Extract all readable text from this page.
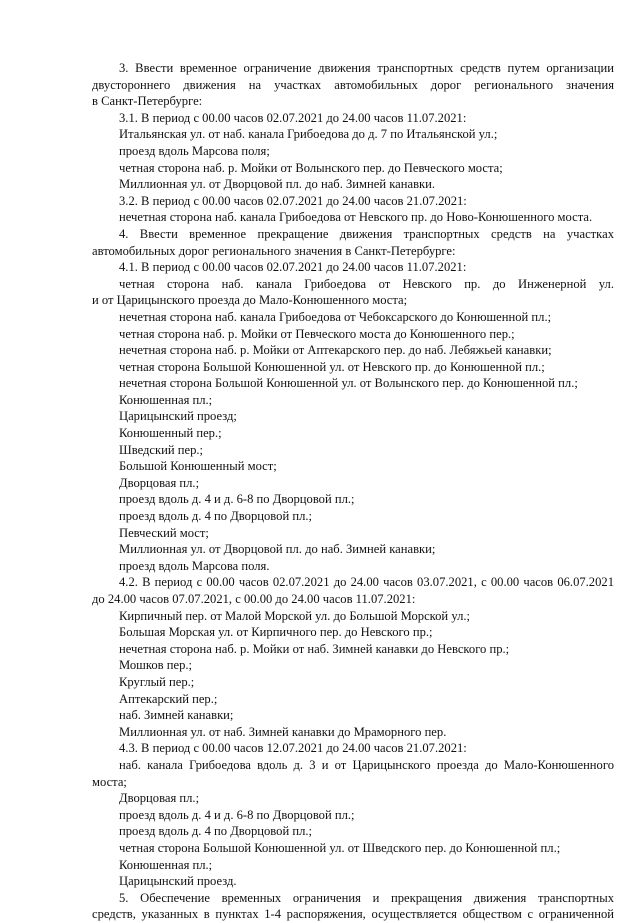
3. Ввести временное ограничение движения транспортных средств путем организации

двустороннего движения на участках автомобильных дорог регионального значения

в Санкт-Петербурге:

3.1. В период с 00.00 часов 02.07.2021 до 24.00 часов 11.07.2021:

Итальянская ул. от наб. канала Грибоедова до д. 7 по Итальянской ул.;

проезд вдоль Марсова поля;

четная сторона наб. р. Мойки от Волынского пер. до Певческого моста;

Миллионная ул. от Дворцовой пл. до наб. Зимней канавки.

3.2. В период с 00.00 часов 02.07.2021 до 24.00 часов 21.07.2021:

нечетная сторона наб. канала Грибоедова от Невского пр. до Ново-Конюшенного моста.

4. Ввести временное прекращение движения транспортных средств на участках

автомобильных дорог регионального значения в Санкт-Петербурге:

4.1. В период с 00.00 часов 02.07.2021 до 24.00 часов 11.07.2021:

четная сторона наб. канала Грибоедова от Невского пр. до Инженерной ул.

и от Царицынского проезда до Мало-Конюшенного моста;

нечетная сторона наб. канала Грибоедова от Чебоксарского до Конюшенной пл.;

четная сторона наб. р. Мойки от Певческого моста до Конюшенного пер.;

нечетная сторона наб. р. Мойки от Аптекарского пер. до наб. Лебяжьей канавки;

четная сторона Большой Конюшенной ул. от Невского пр. до Конюшенной пл.;

нечетная сторона Большой Конюшенной ул. от Волынского пер. до Конюшенной пл.;

Конюшенная пл.;

Царицынский проезд;

Конюшенный пер.;

Шведский пер.;

Большой Конюшенный мост;

Дворцовая пл.;

проезд вдоль д. 4 и д. 6-8 по Дворцовой пл.;

проезд вдоль д. 4 по Дворцовой пл.;

Певческий мост;

Миллионная ул. от Дворцовой пл. до наб. Зимней канавки;

проезд вдоль Марсова поля.

4.2. В период с 00.00 часов 02.07.2021 до 24.00 часов 03.07.2021, с 00.00 часов 06.07.2021

до 24.00 часов 07.07.2021, с 00.00 до 24.00 часов 11.07.2021:

Кирпичный пер. от Малой Морской ул. до Большой Морской ул.;

Большая Морская ул. от Кирпичного пер. до Невского пр.;

нечетная сторона наб. р. Мойки от наб. Зимней канавки до Невского пр.;

Мошков пер.;

Круглый пер.;

Аптекарский пер.;

наб. Зимней канавки;

Миллионная ул. от наб. Зимней канавки до Мраморного пер.

4.3. В период с 00.00 часов 12.07.2021 до 24.00 часов 21.07.2021:

наб. канала Грибоедова вдоль д. 3 и от Царицынского проезда до Мало-Конюшенного

моста;

Дворцовая пл.;

проезд вдоль д. 4 и д. 6-8 по Дворцовой пл.;

проезд вдоль д. 4 по Дворцовой пл.;

четная сторона Большой Конюшенной ул. от Шведского пер. до Конюшенной пл.;

Конюшенная пл.;

Царицынский проезд.

5. Обеспечение временных ограничения и прекращения движения транспортных

средств, указанных в пунктах 1-4 распоряжения, осуществляется обществом с ограниченной
